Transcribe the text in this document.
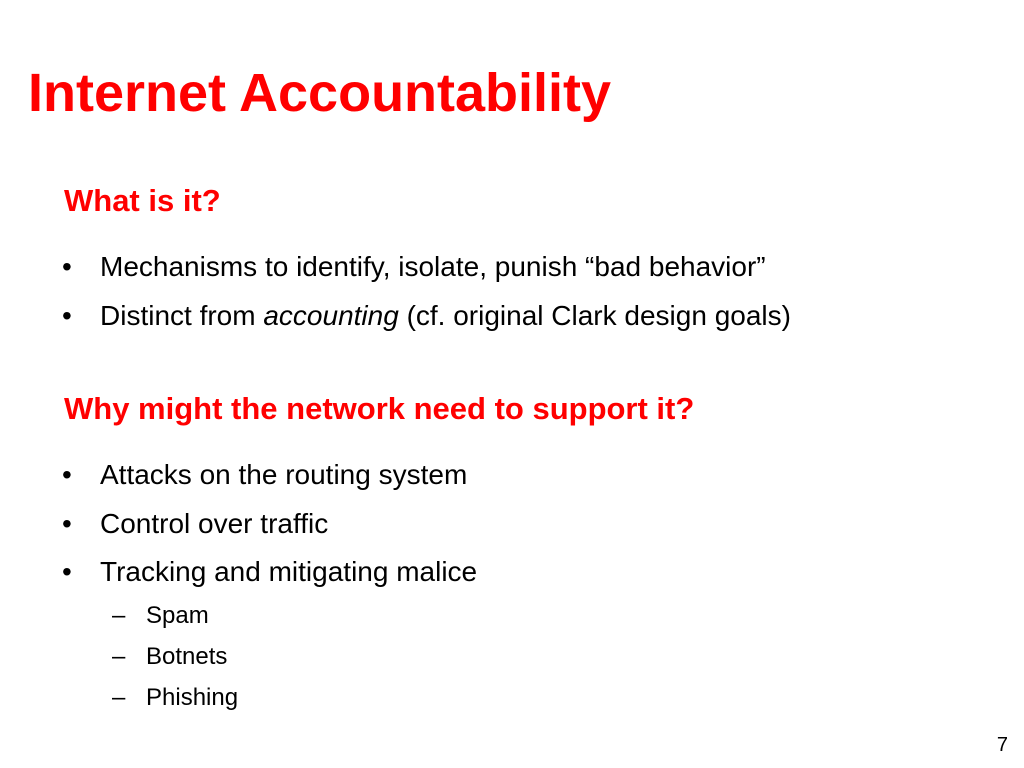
Internet Accountability
What is it?
• Mechanisms to identify, isolate, punish “bad behavior”
• Distinct from accounting (cf. original Clark design goals)
Why might the network need to support it?
• Attacks on the routing system
• Control over traffic
• Tracking and mitigating malice
– Spam
– Botnets
– Phishing
7
